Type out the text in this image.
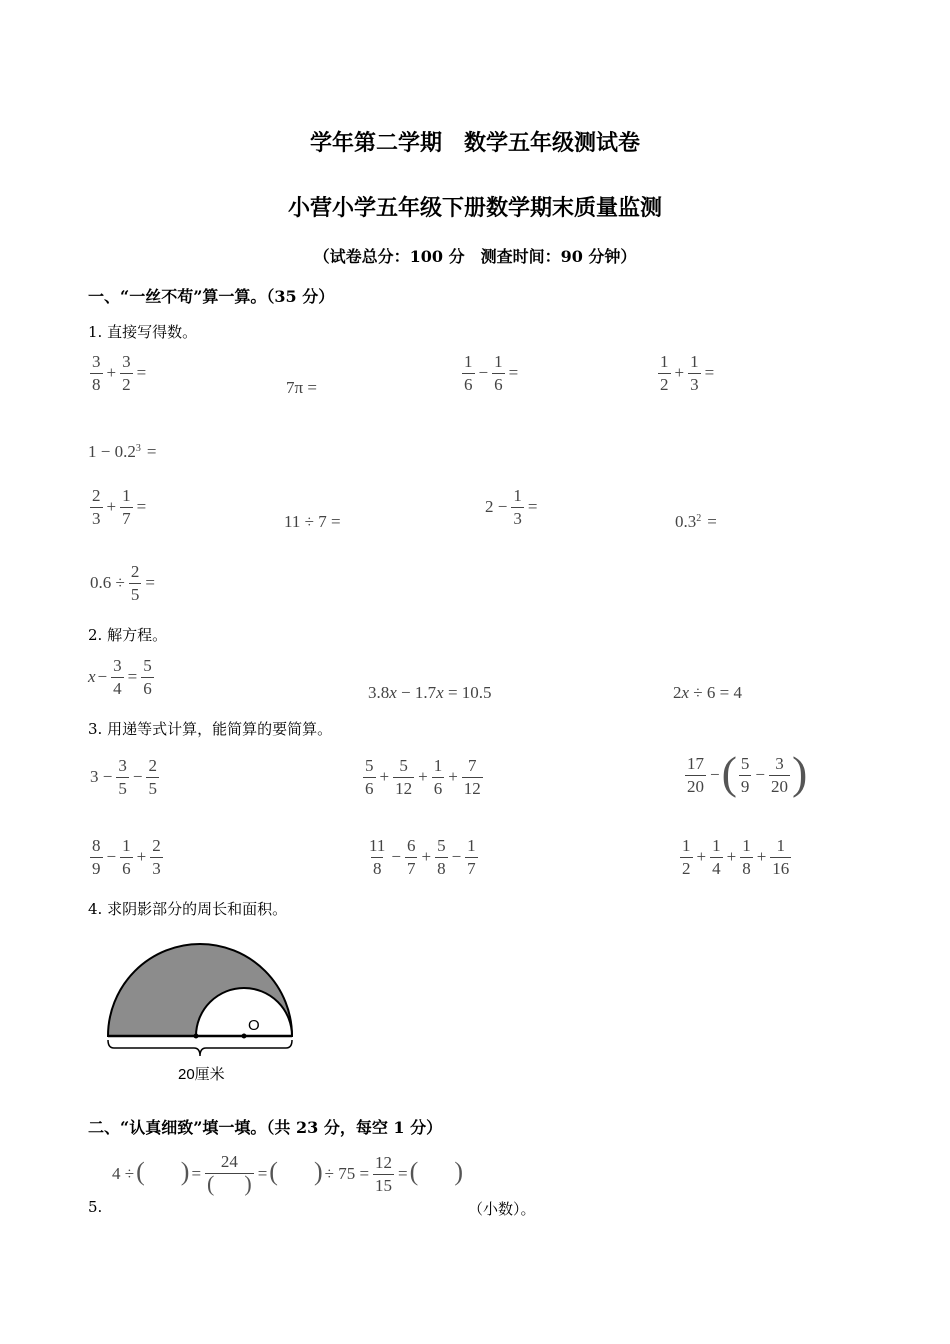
学年第二学期　数学五年级测试卷
小营小学五年级下册数学期末质量监测
（试卷总分：100 分　测查时间：90 分钟）
一、“一丝不苟”算一算。（35 分）
1. 直接写得数。
$\frac{3}{8} + \frac{3}{2}$ =
7π =	$\frac{1}{6} - \frac{1}{6}$ =	$\frac{1}{2} + \frac{1}{3}$ =
1 − 0.2 3 =
$\frac{2}{3} + \frac{1}{7}$ =
11 ÷ 7 =
$2 - \frac{1}{3}$ =
0.3 2 =
$0.6 \div \frac{2}{5}$ =
2. 解方程。
$x - \frac{3}{4} = \frac{5}{6}$	3.8 x − 1.7 x = 10.5	2 x ÷ 6 = 4
3. 用递等式计算，能简算的要简算。
$3 - \frac{3}{5} - \frac{2}{5}$	$\frac{5}{6} + \frac{5}{12} + \frac{1}{6} + \frac{7}{12}$	$\frac{17}{20}$ − ( $\frac{5}{9} - \frac{3}{20}$ )
$\frac{8}{9} - \frac{1}{6} + \frac{2}{3}$	$\frac{11}{8} - \frac{6}{7} + \frac{5}{8} - \frac{1}{7}$	$\frac{1}{2} + \frac{1}{4} + \frac{1}{8} + \frac{1}{16}$
4. 求阴影部分的周长和面积。
O
20厘米
二、“认真细致”填一填。（共 23 分，每空 1 分）
4 ÷ ( ) = $\frac{24}{( )}$ = ( ) ÷ $75 = \frac{12}{15}$ = ( )
5.	（小数）。
